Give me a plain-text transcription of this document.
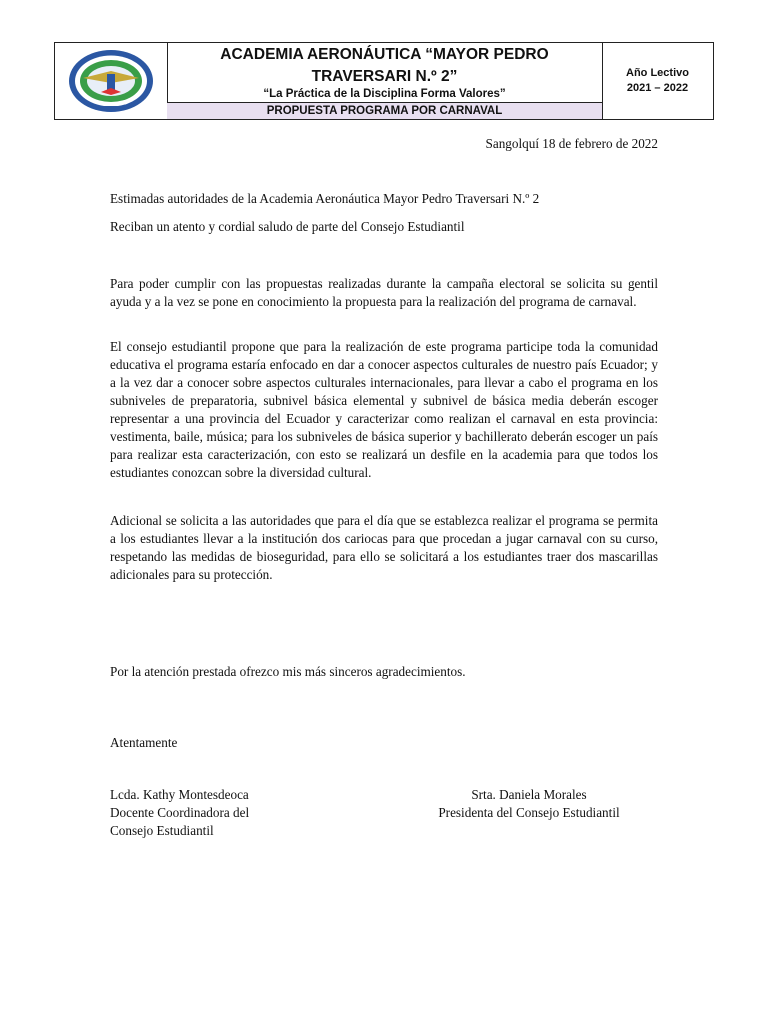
ACADEMIA AERONÁUTICA “MAYOR PEDRO
TRAVERSARI N.º 2”
“La Práctica de la Disciplina Forma Valores”
PROPUESTA PROGRAMA POR CARNAVAL
Año Lectivo
2021 – 2022
Sangolquí 18 de febrero de 2022
Estimadas autoridades de la Academia Aeronáutica Mayor Pedro Traversari N.º 2
Reciban un atento y cordial saludo de parte del Consejo Estudiantil
Para poder cumplir con las propuestas realizadas durante la campaña electoral se solicita su gentil ayuda y a la vez se pone en conocimiento la propuesta para la realización del programa de carnaval.
El consejo estudiantil propone que para la realización de este programa participe toda la comunidad educativa el programa estaría enfocado en dar a conocer aspectos culturales de nuestro país Ecuador; y a la vez dar a conocer sobre aspectos culturales internacionales, para llevar a cabo el programa en los subniveles de preparatoria, subnivel básica elemental y subnivel de básica media deberán escoger representar a una provincia del Ecuador y caracterizar como realizan el carnaval en esta provincia: vestimenta, baile, música; para los subniveles de básica superior y bachillerato deberán escoger un país para realizar esta caracterización, con esto se realizará un desfile en la academia para que todos los estudiantes conozcan sobre la diversidad cultural.
Adicional se solicita a las autoridades que para el día que se establezca realizar el programa se permita a los estudiantes llevar a la institución dos cariocas para que procedan a jugar carnaval con su curso, respetando las medidas de bioseguridad, para ello se solicitará a los estudiantes traer dos mascarillas adicionales para su protección.
Por la atención prestada ofrezco mis más sinceros agradecimientos.
Atentamente
Lcda. Kathy Montesdeoca
Docente Coordinadora del
Consejo Estudiantil
Srta. Daniela Morales
Presidenta del Consejo Estudiantil
